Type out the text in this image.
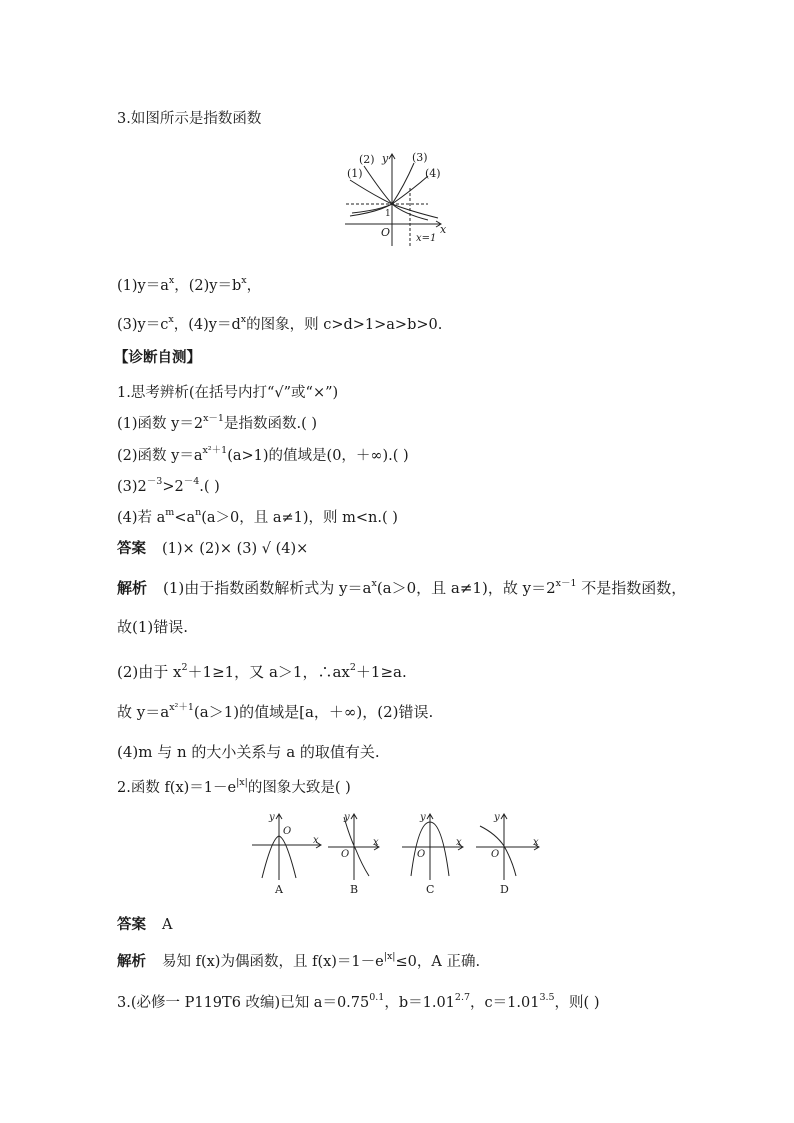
3.如图所示是指数函数
(1)
(2)	(3)
(4)
y
x
O
1
x=1
$(1)y=a^x$，$(2)y=b^x$，
$(3)y=c^x$，$(4)y=d^x$的图象，则 c>d>1>a>b>0.
【诊断自测】
1.思考辨析(在括号内打“√”或“×”)
(1)函数 $y=2^{x-1}$是指数函数.( )
(2)函数 $y=a^{x^2+1}(a>1)$的值域是(0，＋∞).( )
$(3)2^{-3}>2^{-4}$.( )
(4)若 $a^m<a^n(a>0$，且 a≠1)，则 m<n.( )
答案 (1)× (2)× (3) √ (4)×
解析 (1)由于指数函数解析式为 $y=a^x(a>0$，且 a≠1)，故 $y=2^{x-1}$ 不是指数函数，
故(1)错误.
(2)由于 $x^2+1\ge 1$，又 a＞1，$\therefore ax^2+1\ge a$.
故 $y=a^{x^2+1}(a>1)$的值域是[a，＋∞)，(2)错误.
(4)m 与 n 的大小关系与 a 的取值有关.
2.函数 $f(x)=1-e^{|x|}$的图象大致是( )
y
x
O
y
x
O
y
x
O
y
x
O
A	B	C	D
答案 A
解析 易知 f(x)为偶函数，且 $f(x)=1-e^{|x|}\le 0$，A 正确.
3.(必修一 P119T6 改编)已知 $a=0.75^{0.1}$，$b=1.01^{2.7}$，$c=1.01^{3.5}$，则( )
